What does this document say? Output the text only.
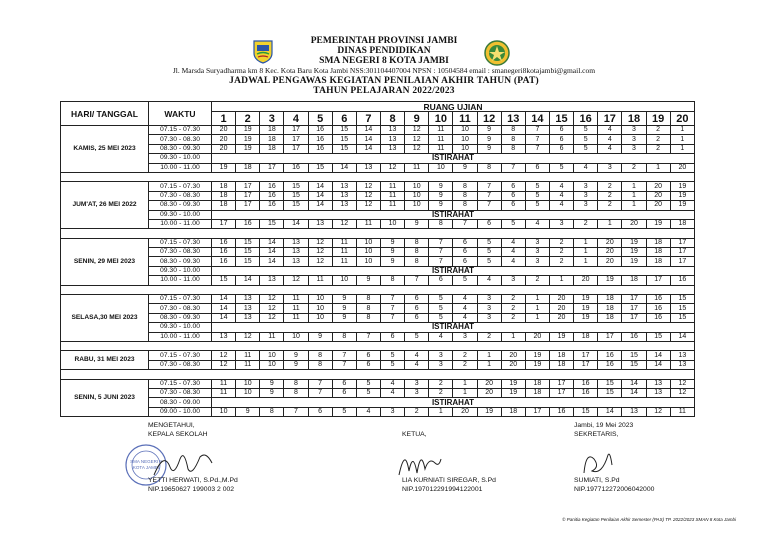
PEMERINTAH PROVINSI JAMBI
DINAS PENDIDIKAN
SMA NEGERI 8 KOTA JAMBI
Jl. Marsda Suryadharma km 8 Kec. Kota Baru Kota Jambi NSS:301104407004 NPSN : 10504584 email : smanegeri8kotajambi@gmail.com
JADWAL PENGAWAS KEGIATAN PENILAIAN AKHIR TAHUN (PAT)
TAHUN PELAJARAN 2022/2023
HARI/ TANGGAL	WAKTU	RUANG UJIAN																			
		1	2	3	4	5	6	7	8	9	10	11	12	13	14	15	16	17	18	19	20
KAMIS, 25 MEI 2023	07.15 - 07.30	20	19	18	17	16	15	14	13	12	11	10	9	8	7	6	5	4	3	2	1
	07.30 - 08.30	20	19	18	17	16	15	14	13	12	11	10	9	8	7	6	5	4	3	2	1
	08.30 - 09.30	20	19	18	17	16	15	14	13	12	11	10	9	8	7	6	5	4	3	2	1
	09.30 - 10.00	ISTIRAHAT																			
	10.00 - 11.00	19	18	17	16	15	14	13	12	11	10	9	8	7	6	5	4	3	2	1	20

JUM'AT, 26 MEI 2022	07.15 - 07.30	18	17	16	15	14	13	12	11	10	9	8	7	6	5	4	3	2	1	20	19
	07.30 - 08.30	18	17	16	15	14	13	12	11	10	9	8	7	6	5	4	3	2	1	20	19
	08.30 - 09.30	18	17	16	15	14	13	12	11	10	9	8	7	6	5	4	3	2	1	20	19
	09.30 - 10.00	ISTIRAHAT																			
	10.00 - 11.00	17	16	15	14	13	12	11	10	9	8	7	6	5	4	3	2	1	20	19	18

SENIN, 29 MEI 2023	07.15 - 07.30	16	15	14	13	12	11	10	9	8	7	6	5	4	3	2	1	20	19	18	17
	07.30 - 08.30	16	15	14	13	12	11	10	9	8	7	6	5	4	3	2	1	20	19	18	17
	08.30 - 09.30	16	15	14	13	12	11	10	9	8	7	6	5	4	3	2	1	20	19	18	17
	09.30 - 10.00	ISTIRAHAT																			
	10.00 - 11.00	15	14	13	12	11	10	9	8	7	6	5	4	3	2	1	20	19	18	17	16

SELASA,30 MEI 2023	07.15 - 07.30	14	13	12	11	10	9	8	7	6	5	4	3	2	1	20	19	18	17	16	15
	07.30 - 08.30	14	13	12	11	10	9	8	7	6	5	4	3	2	1	20	19	18	17	16	15
	08.30 - 09.30	14	13	12	11	10	9	8	7	6	5	4	3	2	1	20	19	18	17	16	15
	09.30 - 10.00	ISTIRAHAT																			
	10.00 - 11.00	13	12	11	10	9	8	7	6	5	4	3	2	1	20	19	18	17	16	15	14

RABU, 31 MEI 2023	07.15 - 07.30	12	11	10	9	8	7	6	5	4	3	2	1	20	19	18	17	16	15	14	13
	07.30 - 08.30	12	11	10	9	8	7	6	5	4	3	2	1	20	19	18	17	16	15	14	13

SENIN, 5 JUNI 2023	07.15 - 07.30	11	10	9	8	7	6	5	4	3	2	1	20	19	18	17	16	15	14	13	12
	07.30 - 08.30	11	10	9	8	7	6	5	4	3	2	1	20	19	18	17	16	15	14	13	12
	08.30 - 09.00	ISTIRAHAT																			
	09.00 - 10.00	10	9	8	7	6	5	4	3	2	1	20	19	18	17	16	15	14	13	12	11
MENGETAHUI,
KEPALA SEKOLAH
SMA NEGERI 8
KOTA JAMBI
YETTI HERWATI, S.Pd.,M.Pd
NIP.19650627 199003 2 002
KETUA,
LIA KURNIATI SIREGAR, S.Pd
NIP.197012291994122001
Jambi, 19 Mei 2023
SEKRETARIS,
SUMIATI, S.Pd
NIP.197712272006042000
© Panitia Kegiatan Penilaian Akhir Semester (PAS) TP. 2022/2023 SMAN 8 Kota Jambi
